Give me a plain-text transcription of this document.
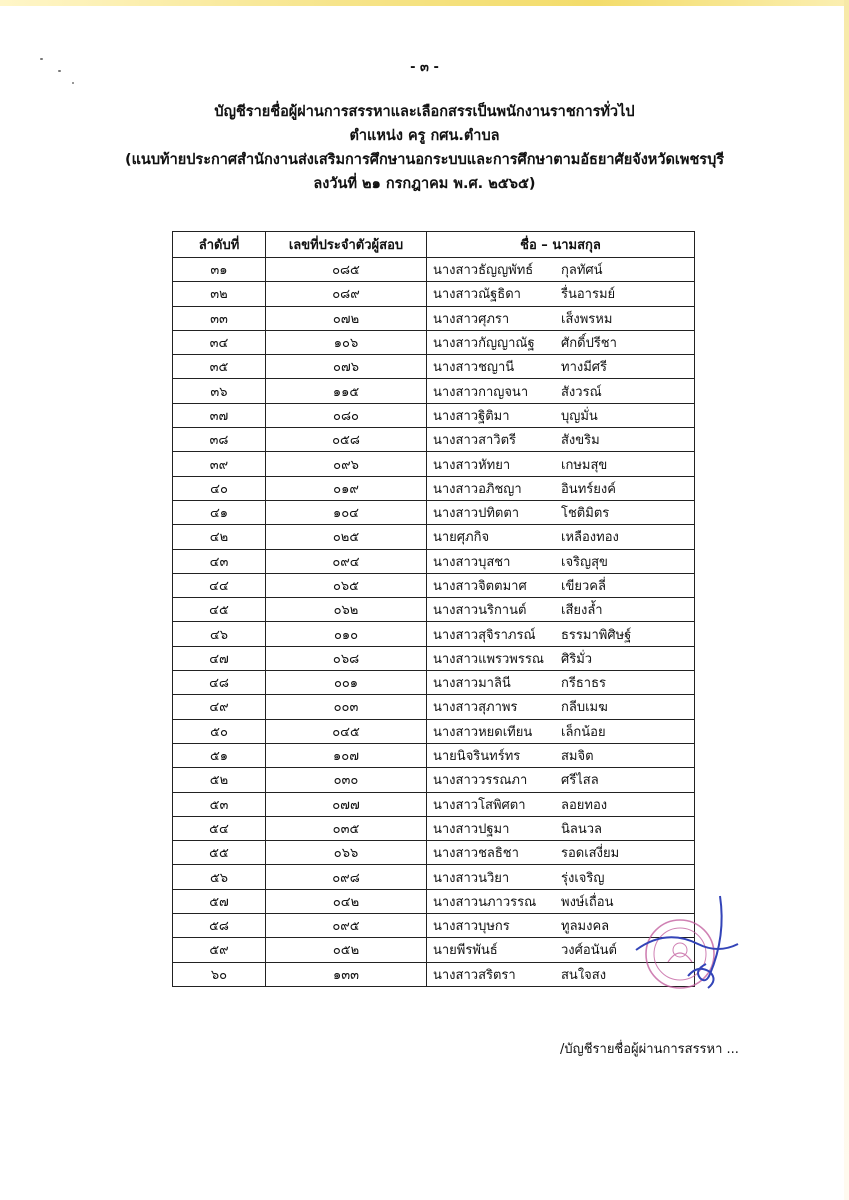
- ๓ -
บัญชีรายชื่อผู้ผ่านการสรรหาและเลือกสรรเป็นพนักงานราชการทั่วไป
ตำแหน่ง ครู กศน.ตำบล
(แนบท้ายประกาศสำนักงานส่งเสริมการศึกษานอกระบบและการศึกษาตามอัธยาศัยจังหวัดเพชรบุรี
ลงวันที่ ๒๑ กรกฎาคม พ.ศ. ๒๕๖๕)
ลำดับที่	เลขที่ประจำตัวผู้สอบ	ชื่อ – นามสกุล
๓๑	๐๘๕	นางสาวธัญญพัทธ์ กุลทัศน์

๓๒	๐๘๙	นางสาวณัฐธิดา รื่นอารมย์

๓๓	๐๗๒	นางสาวศุภรา เส็งพรหม

๓๔	๑๐๖	นางสาวกัญญาณัฐ ศักดิ์ปรีชา

๓๕	๐๗๖	นางสาวชญานี ทางมีศรี

๓๖	๑๑๕	นางสาวกาญจนา สังวรณ์

๓๗	๐๘๐	นางสาวฐิติมา บุญมั่น

๓๘	๐๕๘	นางสาวสาวิตรี สังขริม

๓๙	๐๙๖	นางสาวหัทยา เกษมสุข

๔๐	๐๑๙	นางสาวอภิชญา อินทร์ยงค์

๔๑	๑๐๔	นางสาวปทิตตา โชติมิตร

๔๒	๐๒๕	นายศุภกิจ เหลืองทอง

๔๓	๐๙๔	นางสาวบุสชา เจริญสุข

๔๔	๐๖๕	นางสาวจิตตมาศ เขียวคลี่

๔๕	๐๖๒	นางสาวนริกานต์ เสียงล้ำ

๔๖	๐๑๐	นางสาวสุจิราภรณ์ ธรรมาพิศิษฐ์

๔๗	๐๖๘	นางสาวแพรวพรรณ ศิริมั่ว

๔๘	๐๐๑	นางสาวมาลินี กรีธาธร

๔๙	๐๐๓	นางสาวสุภาพร กลีบเมฆ

๕๐	๐๔๕	นางสาวหยดเทียน เล็กน้อย

๕๑	๑๐๗	นายนิจรินทร์ทร สมจิต

๕๒	๐๓๐	นางสาววรรณภา ศรีไสล

๕๓	๐๗๗	นางสาวโสพิศตา ลอยทอง

๕๔	๐๓๕	นางสาวปฐมา นิลนวล

๕๕	๐๖๖	นางสาวชลธิชา รอดเสงี่ยม

๕๖	๐๙๘	นางสาวนวิยา รุ่งเจริญ

๕๗	๐๔๒	นางสาวนภาวรรณ พงษ์เถื่อน

๕๘	๐๙๕	นางสาวบุษกร ทูลมงคล

๕๙	๐๕๒	นายพีรพันธ์ วงศ์อนันต์

๖๐	๑๓๓	นางสาวสริตรา สนใจสง
/บัญชีรายชื่อผู้ผ่านการสรรหา ...
